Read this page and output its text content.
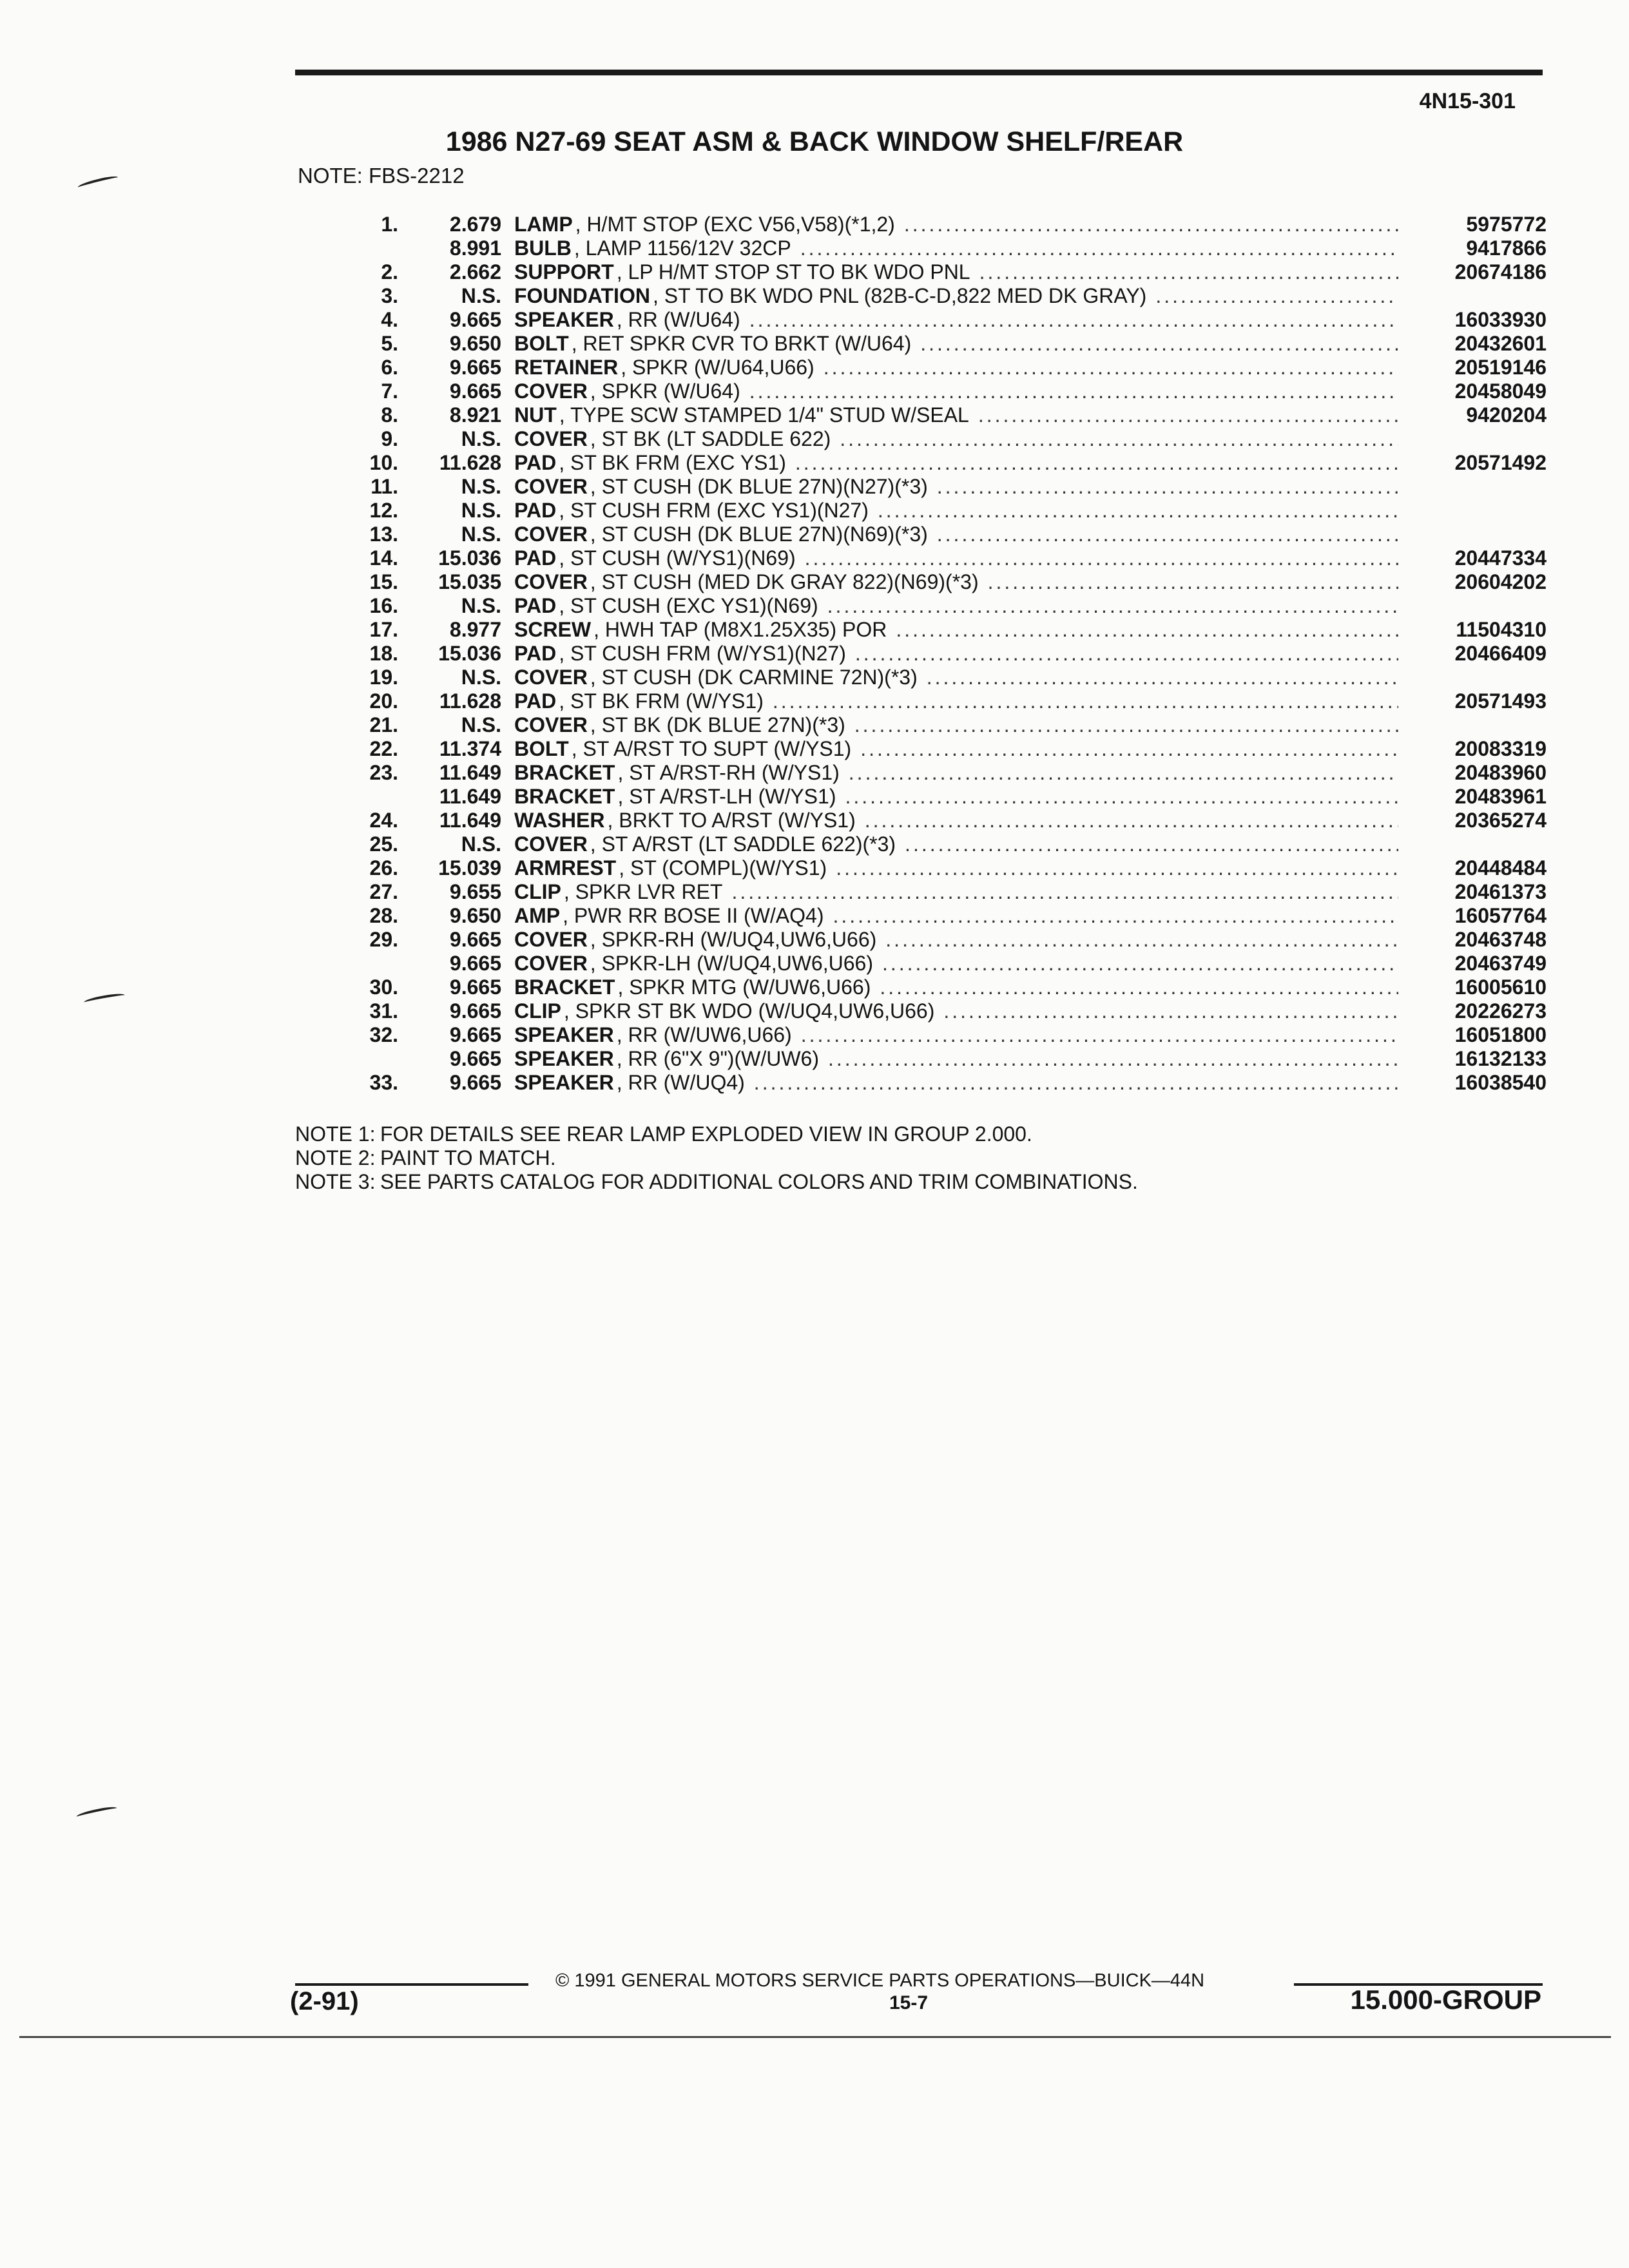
4N15-301
1986 N27-69 SEAT ASM & BACK WINDOW SHELF/REAR
NOTE: FBS-2212
1.	2.679 LAMP , H/MT STOP (EXC V56,V58)(*1,2) .....	5975772
8.991 BULB , LAMP 1156/12V 32CP .....	9417866
2.	2.662 SUPPORT , LP H/MT STOP ST TO BK WDO PNL .....	20674186
3.	N.S. FOUNDATION , ST TO BK WDO PNL (82B-C-D,822 MED DK GRAY)
.....
4.	9.665 SPEAKER , RR (W/U64) .....	16033930
5.	9.650 BOLT , RET SPKR CVR TO BRKT (W/U64) .....	20432601
6.	9.665 RETAINER , SPKR (W/U64,U66) .....	20519146
7.	9.665 COVER , SPKR (W/U64) .....	20458049
8.	8.921 NUT , TYPE SCW STAMPED 1/4" STUD W/SEAL .....	9420204
9.	N.S. COVER , ST BK (LT SADDLE 622)
.....
10.	11.628 PAD , ST BK FRM (EXC YS1) .....	20571492
11.	N.S. COVER , ST CUSH (DK BLUE 27N)(N27)(*3)
.....
12.	N.S. PAD , ST CUSH FRM (EXC YS1)(N27)
.....
13.	N.S. COVER , ST CUSH (DK BLUE 27N)(N69)(*3)
.....
14.	15.036 PAD , ST CUSH (W/YS1)(N69) .....	20447334
15.	15.035 COVER , ST CUSH (MED DK GRAY 822)(N69)(*3) .....	20604202
16.	N.S. PAD , ST CUSH (EXC YS1)(N69)
.....
17.	8.977 SCREW , HWH TAP (M8X1.25X35) POR .....	11504310
18.	15.036 PAD , ST CUSH FRM (W/YS1)(N27) .....	20466409
19.	N.S. COVER , ST CUSH (DK CARMINE 72N)(*3)
.....
20.	11.628 PAD , ST BK FRM (W/YS1) .....	20571493
21.	N.S. COVER , ST BK (DK BLUE 27N)(*3)
.....
22.	11.374 BOLT , ST A/RST TO SUPT (W/YS1) .....	20083319
23.	11.649 BRACKET , ST A/RST-RH (W/YS1) .....	20483960
11.649 BRACKET , ST A/RST-LH (W/YS1) .....	20483961
24.	11.649 WASHER , BRKT TO A/RST (W/YS1) .....	20365274
25.	N.S. COVER , ST A/RST (LT SADDLE 622)(*3)
.....
26.	15.039 ARMREST , ST (COMPL)(W/YS1) .....	20448484
27.	9.655 CLIP , SPKR LVR RET .....	20461373
28.	9.650 AMP , PWR RR BOSE II (W/AQ4) .....	16057764
29.	9.665 COVER , SPKR-RH (W/UQ4,UW6,U66) .....	20463748
9.665 COVER , SPKR-LH (W/UQ4,UW6,U66) .....	20463749
30.	9.665 BRACKET , SPKR MTG (W/UW6,U66) .....	16005610
31.	9.665 CLIP , SPKR ST BK WDO (W/UQ4,UW6,U66) .....	20226273
32.	9.665 SPEAKER , RR (W/UW6,U66) .....	16051800
9.665 SPEAKER , RR (6"X 9")(W/UW6) .....	16132133
33.	9.665 SPEAKER , RR (W/UQ4) .....	16038540
NOTE 1: FOR DETAILS SEE REAR LAMP EXPLODED VIEW IN GROUP 2.000.
NOTE 2: PAINT TO MATCH.
NOTE 3: SEE PARTS CATALOG FOR ADDITIONAL COLORS AND TRIM COMBINATIONS.
© 1991 GENERAL MOTORS SERVICE PARTS OPERATIONS—BUICK—44N
(2-91)	15-7	15.000-GROUP
